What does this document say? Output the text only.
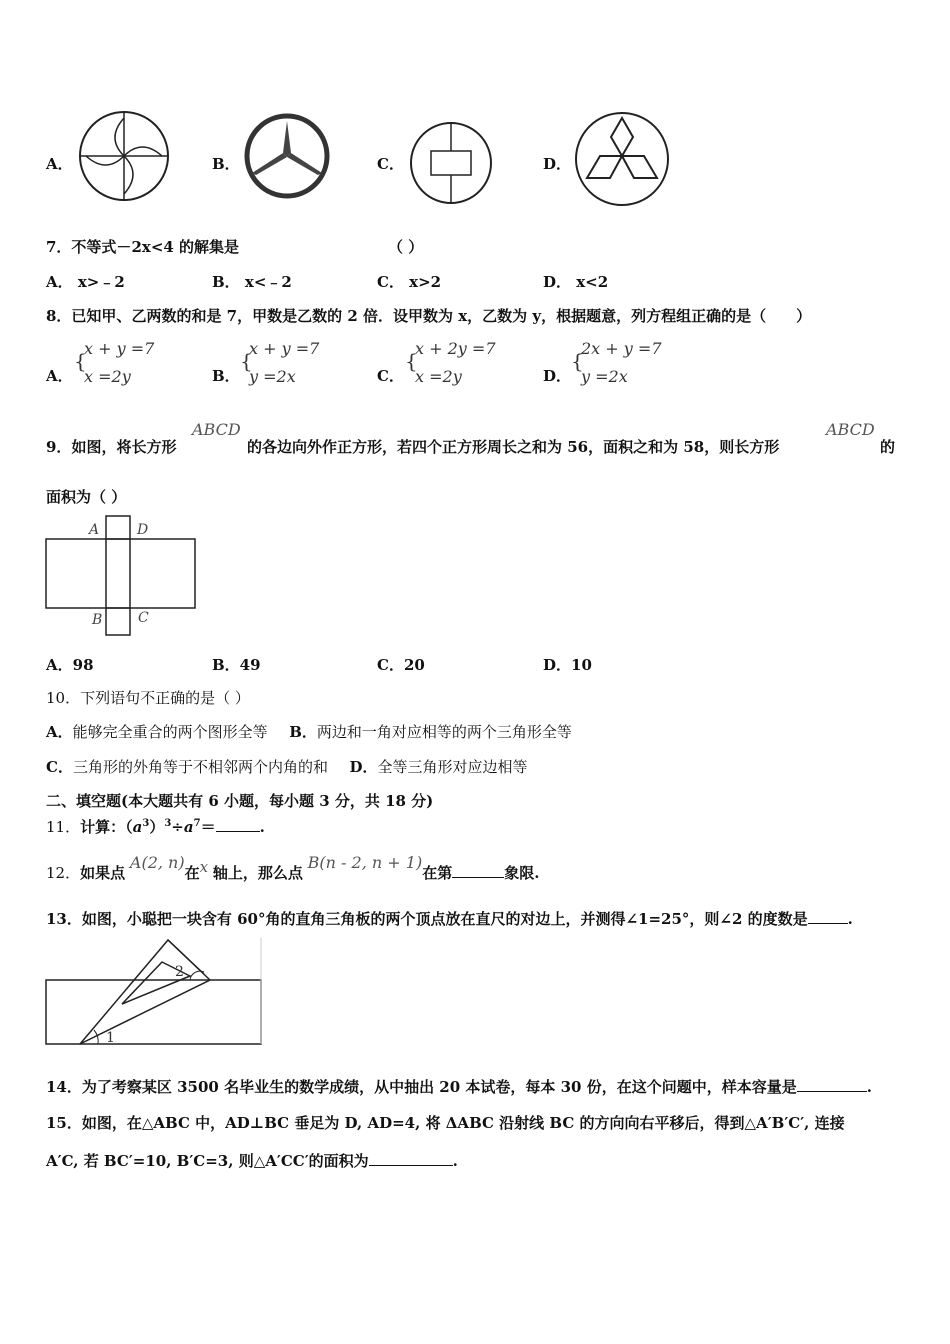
A．	B．	C．	D．
7．不等式－2x<4 的解集是	（ ）
A． x>﹣2	B． x<﹣2	C． x>2	D． x<2
8．已知甲、乙两数的和是 7，甲数是乙数的 2 倍．设甲数为 x，乙数为 y，根据题意，列方程组正确的是（　　）
A．
{
x + y =7
x =2y	B．
{
x + y =7
y =2x	C．
{
x + 2y =7
x =2y	D．
{
2x + y =7
y =2x
9．如图，将长方形
ABCD
的各边向外作正方形，若四个正方形周长之和为 56，面积之和为 58，则长方形
ABCD
的
面积为（ ）
A	D
B	C
A．98	B．49	C．20	D．10
10．下列语句不正确的是（ ）
A．能够完全重合的两个图形全等 B．两边和一角对应相等的两个三角形全等
C．三角形的外角等于不相邻两个内角的和 D．全等三角形对应边相等
二、填空题(本大题共有 6 小题，每小题 3 分，共 18 分)
11．计算：$(a^3)^3\div a^7=$	.
12．如果点 A(2, n)在x 轴上，那么点 B(n - 2, n + 1)在第	象限.
13．如图，小聪把一块含有 60°角的直角三角板的两个顶点放在直尺的对边上，并测得∠1=25°，则∠2 的度数是	.
2
1
14．为了考察某区 3500 名毕业生的数学成绩，从中抽出 20 本试卷，每本 30 份，在这个问题中，样本容量是	.
15．如图，在△ABC 中，AD⊥BC 垂足为 D, AD=4, 将 ΔABC 沿射线 BC 的方向向右平移后，得到△A′B′C′, 连接
A′C, 若 BC′=10, B′C=3, 则△A′CC′的面积为	.
